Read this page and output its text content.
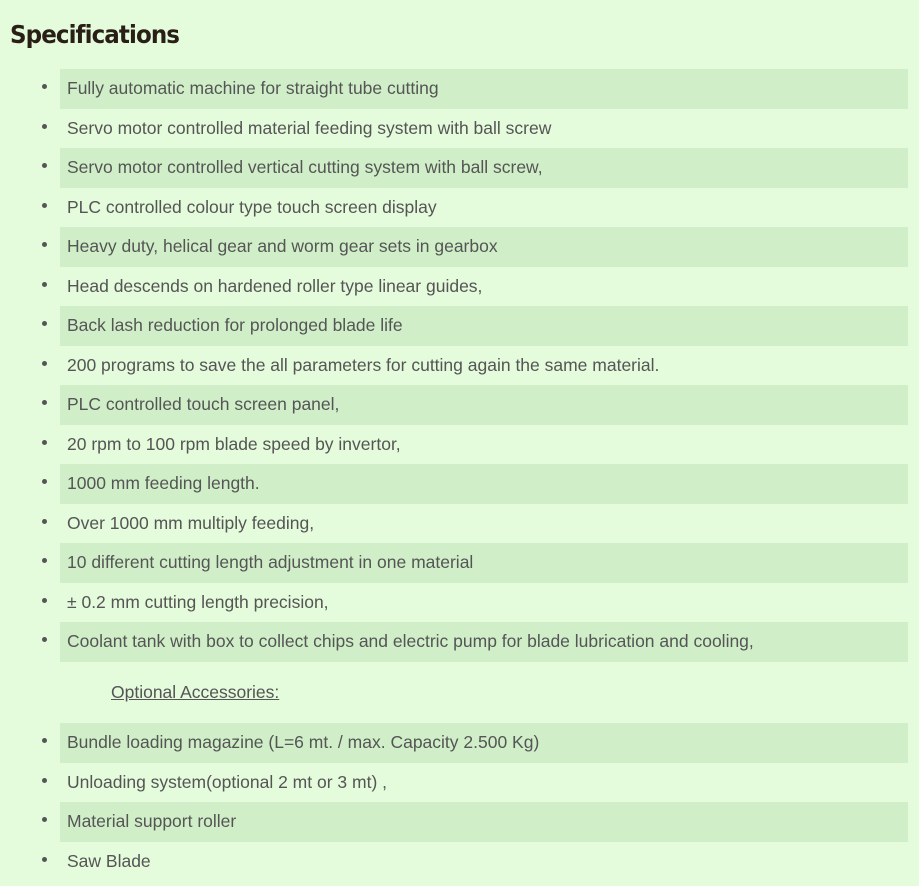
Specifications
Fully automatic machine for straight tube cutting
Servo motor controlled material feeding system with ball screw
Servo motor controlled vertical cutting system with ball screw,
PLC controlled colour type touch screen display
Heavy duty, helical gear and worm gear sets in gearbox
Head descends on hardened roller type linear guides,
Back lash reduction for prolonged blade life
200 programs to save the all parameters for cutting again the same material.
PLC controlled touch screen panel,
20 rpm to 100 rpm blade speed by invertor,
1000 mm feeding length.
Over 1000 mm multiply feeding,
10 different cutting length adjustment in one material
± 0.2 mm cutting length precision,
Coolant tank with box to collect chips and electric pump for blade lubrication and cooling,

Optional Accessories:

Bundle loading magazine (L=6 mt. / max. Capacity 2.500 Kg)
Unloading system(optional 2 mt or 3 mt) ,
Material support roller
Saw Blade
